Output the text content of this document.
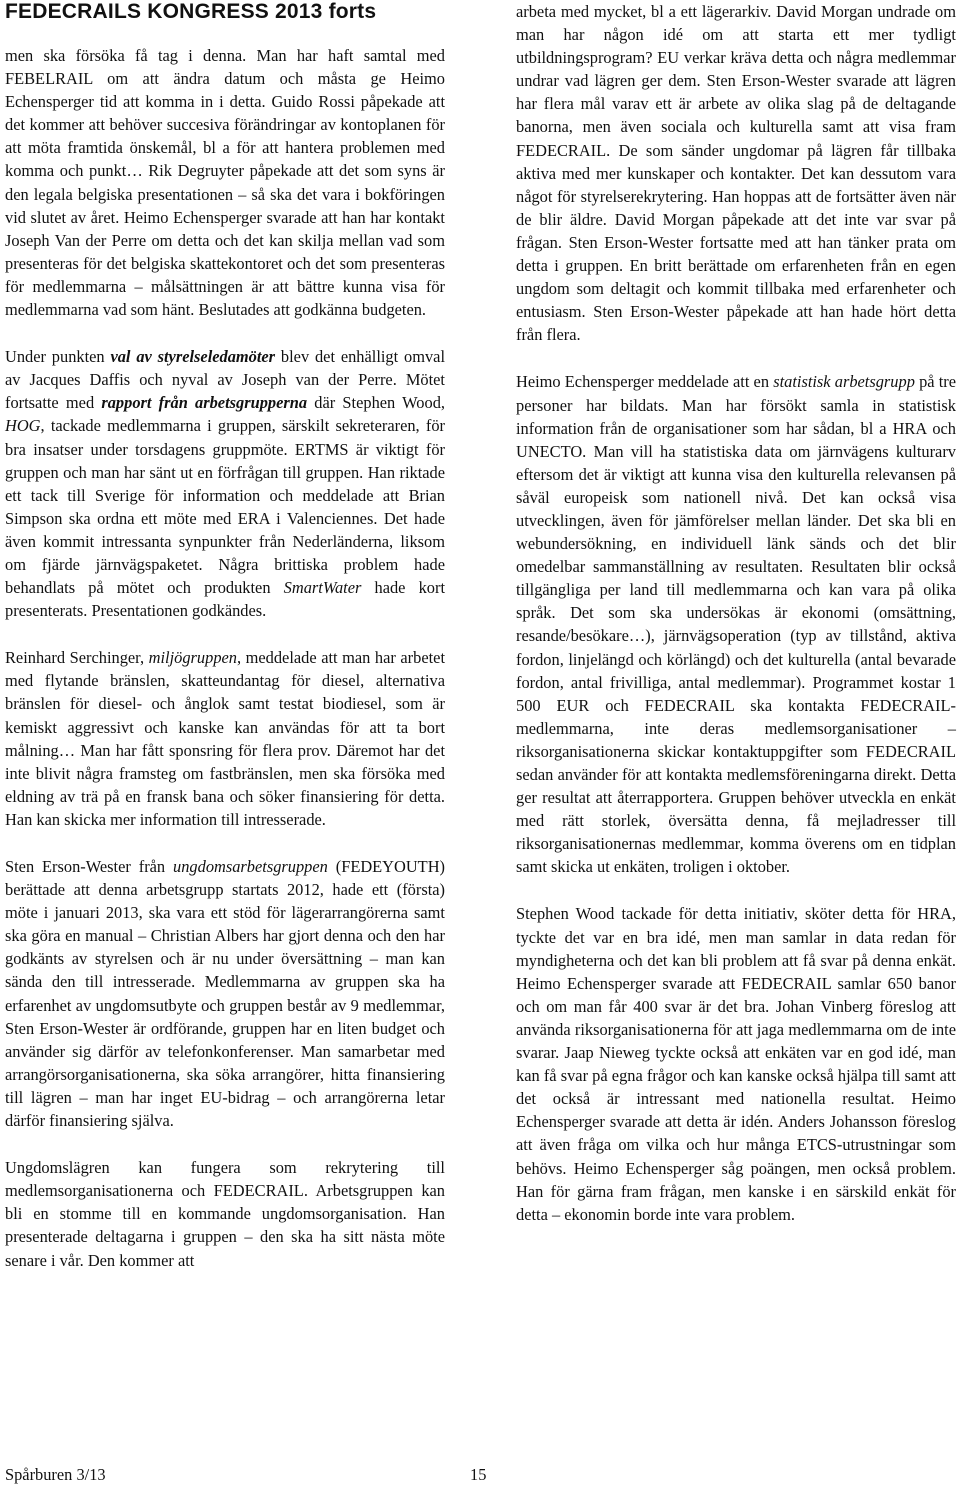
FEDECRAILS KONGRESS 2013 forts

men ska försöka få tag i denna. Man har haft samtal med FEBELRAIL om att ändra datum och måsta ge Heimo Echensperger tid att komma in i detta. Guido Rossi påpekade att det kommer att behöver succesiva förändringar av kontoplanen för att möta framtida önskemål, bl a för att hantera problemen med komma och punkt… Rik Degruyter påpekade att det som syns är den legala belgiska presentationen – så ska det vara i bokföringen vid slutet av året. Heimo Echensperger svarade att han har kontakt Joseph Van der Perre om detta och det kan skilja mellan vad som presenteras för det belgiska skattekontoret och det som presenteras för medlemmarna – målsättningen är att bättre kunna visa för medlemmarna vad som hänt. Beslutades att godkänna budgeten.

Under punkten val av styrelseledamöter blev det enhälligt omval av Jacques Daffis och nyval av Joseph van der Perre. Mötet fortsatte med rapport från arbetsgrupperna där Stephen Wood, HOG, tackade medlemmarna i gruppen, särskilt sekreteraren, för bra insatser under torsdagens gruppmöte. ERTMS är viktigt för gruppen och man har sänt ut en förfrågan till gruppen. Han riktade ett tack till Sverige för information och meddelade att Brian Simpson ska ordna ett möte med ERA i Valenciennes. Det hade även kommit intressanta synpunkter från Nederländerna, liksom om fjärde järnvägspaketet. Några brittiska problem hade behandlats på mötet och produkten SmartWater hade kort presenterats. Presentationen godkändes.

Reinhard Serchinger, miljögruppen, meddelade att man har arbetet med flytande bränslen, skatteundantag för diesel, alternativa bränslen för diesel- och ånglok samt testat biodiesel, som är kemiskt aggressivt och kanske kan användas för att ta bort målning… Man har fått sponsring för flera prov. Däremot har det inte blivit några framsteg om fastbränslen, men ska försöka med eldning av trä på en fransk bana och söker finansiering för detta. Han kan skicka mer information till intresserade.

Sten Erson-Wester från ungdomsarbetsgruppen (FEDEYOUTH) berättade att denna arbetsgrupp startats 2012, hade ett (första) möte i januari 2013, ska vara ett stöd för lägerarrangörerna samt ska göra en manual – Christian Albers har gjort denna och den har godkänts av styrelsen och är nu under översättning – man kan sända den till intresserade. Medlemmarna av gruppen ska ha erfarenhet av ungdomsutbyte och gruppen består av 9 medlemmar, Sten Erson-Wester är ordförande, gruppen har en liten budget och använder sig därför av telefonkonferenser. Man samarbetar med arrangörsorganisationerna, ska söka arrangörer, hitta finansiering till lägren – man har inget EU-bidrag – och arrangörerna letar därför finansiering själva.

Ungdomslägren kan fungera som rekrytering till medlemsorganisationerna och FEDECRAIL. Arbetsgruppen kan bli en stomme till en kommande ungdomsorganisation. Han presenterade deltagarna i gruppen – den ska ha sitt nästa möte senare i vår. Den kommer att

arbeta med mycket, bl a ett lägerarkiv. David Morgan undrade om man har någon idé om att starta ett mer tydligt utbildningsprogram? EU verkar kräva detta och några medlemmar undrar vad lägren ger dem. Sten Erson-Wester svarade att lägren har flera mål varav ett är arbete av olika slag på de deltagande banorna, men även sociala och kulturella samt att visa fram FEDECRAIL. De som sänder ungdomar på lägren får tillbaka aktiva med mer kunskaper och kontakter. Det kan dessutom vara något för styrelserekrytering. Han hoppas att de fortsätter även när de blir äldre. David Morgan påpekade att det inte var svar på frågan. Sten Erson-Wester fortsatte med att han tänker prata om detta i gruppen. En britt berättade om erfarenheten från en egen ungdom som deltagit och kommit tillbaka med erfarenheter och entusiasm. Sten Erson-Wester påpekade att han hade hört detta från flera.

Heimo Echensperger meddelade att en statistisk arbetsgrupp på tre personer har bildats. Man har försökt samla in statistisk information från de organisationer som har sådan, bl a HRA och UNECTO. Man vill ha statistiska data om järnvägens kulturarv eftersom det är viktigt att kunna visa den kulturella relevansen på såväl europeisk som nationell nivå. Det kan också visa utvecklingen, även för jämförelser mellan länder. Det ska bli en webundersökning, en individuell länk sänds och det blir omedelbar sammanställning av resultaten. Resultaten blir också tillgängliga per land till medlemmarna och kan vara på olika språk. Det som ska undersökas är ekonomi (omsättning, resande/besökare…), järnvägsoperation (typ av tillstånd, aktiva fordon, linjelängd och körlängd) och det kulturella (antal bevarade fordon, antal frivilliga, antal medlemmar). Programmet kostar 1 500 EUR och FEDECRAIL ska kontakta FEDECRAIL-medlemmarna, inte deras medlemsorganisationer – riksorganisationerna skickar kontaktuppgifter som FEDECRAIL sedan använder för att kontakta medlemsföreningarna direkt. Detta ger resultat att återrapportera. Gruppen behöver utveckla en enkät med rätt storlek, översätta denna, få mejladresser till riksorganisationernas medlemmar, komma överens om en tidplan samt skicka ut enkäten, troligen i oktober.

Stephen Wood tackade för detta initiativ, sköter detta för HRA, tyckte det var en bra idé, men man samlar in data redan för myndigheterna och det kan bli problem att få svar på denna enkät. Heimo Echensperger svarade att FEDECRAIL samlar 650 banor och om man får 400 svar är det bra. Johan Vinberg föreslog att använda riksorganisationerna för att jaga medlemmarna om de inte svarar. Jaap Nieweg tyckte också att enkäten var en god idé, man kan få svar på egna frågor och kan kanske också hjälpa till samt att det också är intressant med nationella resultat. Heimo Echensperger svarade att detta är idén. Anders Johansson föreslog att även fråga om vilka och hur många ETCS-utrustningar som behövs. Heimo Echensperger såg poängen, men också problem. Han för gärna fram frågan, men kanske i en särskild enkät för detta – ekonomin borde inte vara problem.

Spårburen 3/13	15
